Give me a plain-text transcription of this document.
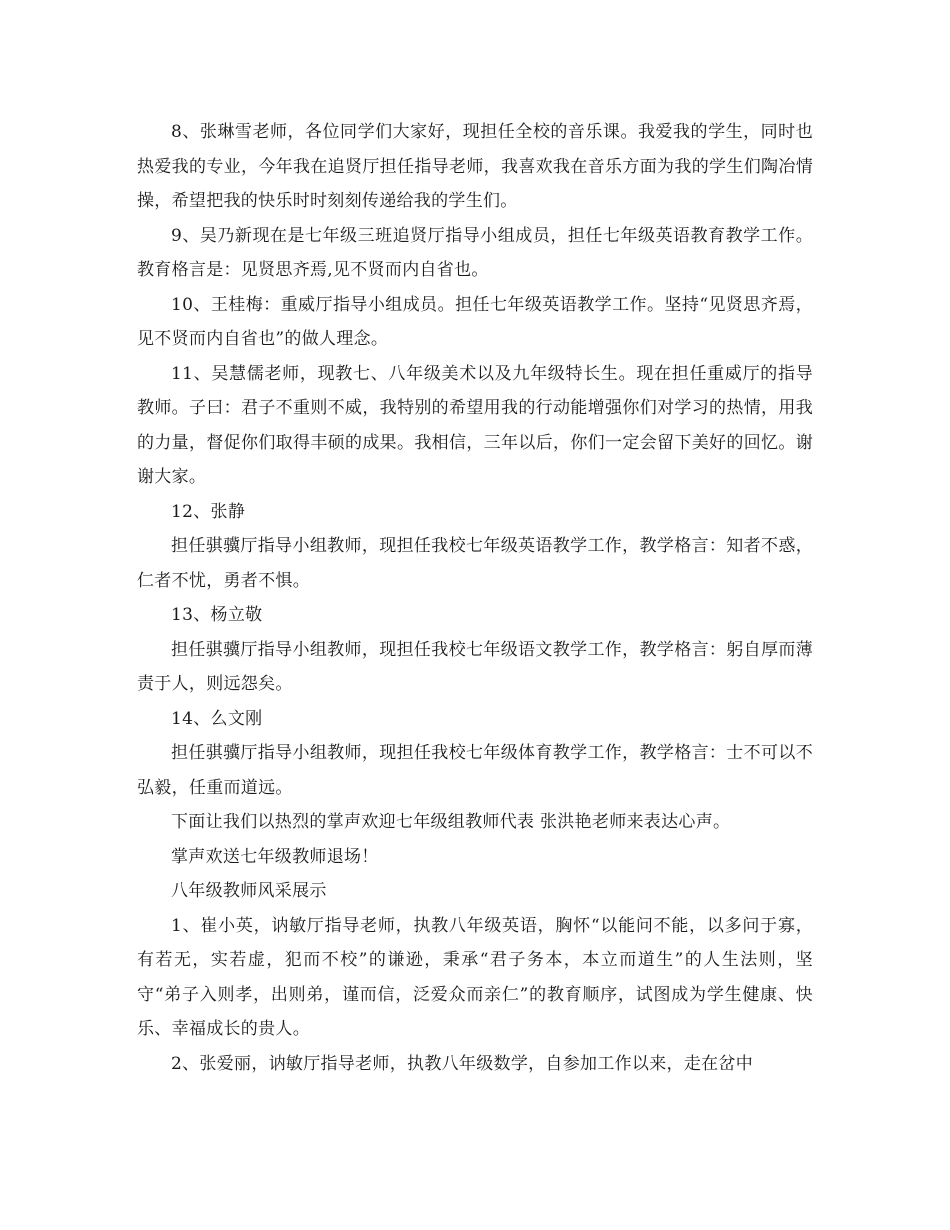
8、张琳雪老师，各位同学们大家好，现担任全校的音乐课。我爱我的学生，同时也热爱我的专业，今年我在追贤厅担任指导老师，我喜欢我在音乐方面为我的学生们陶冶情操，希望把我的快乐时时刻刻传递给我的学生们。

9、吴乃新现在是七年级三班追贤厅指导小组成员，担任七年级英语教育教学工作。教育格言是：见贤思齐焉,见不贤而内自省也。

10、王桂梅：重威厅指导小组成员。担任七年级英语教学工作。坚持“见贤思齐焉，见不贤而内自省也”的做人理念。

11、吴慧儒老师，现教七、八年级美术以及九年级特长生。现在担任重威厅的指导教师。子曰：君子不重则不威，我特别的希望用我的行动能增强你们对学习的热情，用我的力量，督促你们取得丰硕的成果。我相信，三年以后，你们一定会留下美好的回忆。谢谢大家。

12、张静

担任骐骥厅指导小组教师，现担任我校七年级英语教学工作，教学格言：知者不惑，仁者不忧，勇者不惧。

13、杨立敬

担任骐骥厅指导小组教师，现担任我校七年级语文教学工作，教学格言：躬自厚而薄责于人，则远怨矣。

14、么文刚

担任骐骥厅指导小组教师，现担任我校七年级体育教学工作，教学格言：士不可以不弘毅，任重而道远。

下面让我们以热烈的掌声欢迎七年级组教师代表 张洪艳老师来表达心声。

掌声欢送七年级教师退场！

八年级教师风采展示

1、崔小英，讷敏厅指导老师，执教八年级英语，胸怀“以能问不能，以多问于寡，有若无，实若虚，犯而不校”的谦逊，秉承“君子务本，本立而道生”的人生法则，坚守“弟子入则孝，出则弟，谨而信，泛爱众而亲仁”的教育顺序，试图成为学生健康、快乐、幸福成长的贵人。

2、张爱丽，讷敏厅指导老师，执教八年级数学，自参加工作以来，走在岔中
